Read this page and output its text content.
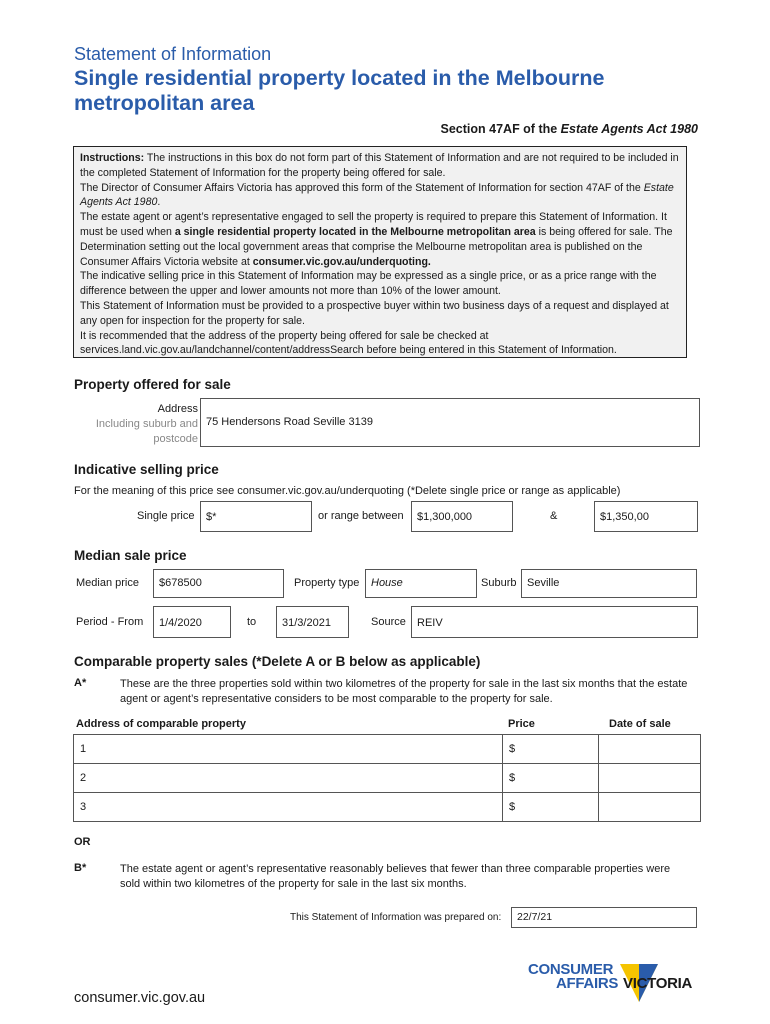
Statement of Information
Single residential property located in the Melbourne metropolitan area
Section 47AF of the Estate Agents Act 1980

Instructions: The instructions in this box do not form part of this Statement of Information and are not required to be included in the completed Statement of Information for the property being offered for sale.

The Director of Consumer Affairs Victoria has approved this form of the Statement of Information for section 47AF of the Estate Agents Act 1980.

The estate agent or agent’s representative engaged to sell the property is required to prepare this Statement of Information. It must be used when a single residential property located in the Melbourne metropolitan area is being offered for sale. The Determination setting out the local government areas that comprise the Melbourne metropolitan area is published on the Consumer Affairs Victoria website at consumer.vic.gov.au/underquoting.

The indicative selling price in this Statement of Information may be expressed as a single price, or as a price range with the difference between the upper and lower amounts not more than 10% of the lower amount.

This Statement of Information must be provided to a prospective buyer within two business days of a request and displayed at any open for inspection for the property for sale.

It is recommended that the address of the property being offered for sale be checked at services.land.vic.gov.au/landchannel/content/addressSearch before being entered in this Statement of Information.

Property offered for sale
Address
Including suburb and
postcode
75 Hendersons Road Seville 3139
Indicative selling price
For the meaning of this price see consumer.vic.gov.au/underquoting (*Delete single price or range as applicable)
Single price	$*	or range between	$1,300,000	&	$1,350,00
Median sale price
Median price	$678500	Property type	House	Suburb Seville
Period - From	1/4/2020	to	31/3/2021	Source	REIV
Comparable property sales (*Delete A or B below as applicable)
A*	These are the three properties sold within two kilometres of the property for sale in the last six months that the estate agent or agent’s representative considers to be most comparable to the property for sale.
Address of comparable property	Price	Date of sale
1	$	
2	$	
3	$	
OR
B*	The estate agent or agent’s representative reasonably believes that fewer than three comparable properties were sold within two kilometres of the property for sale in the last six months.
This Statement of Information was prepared on:	22/7/21
CONSUMER
AFFAIRS VICTORIA
consumer.vic.gov.au
